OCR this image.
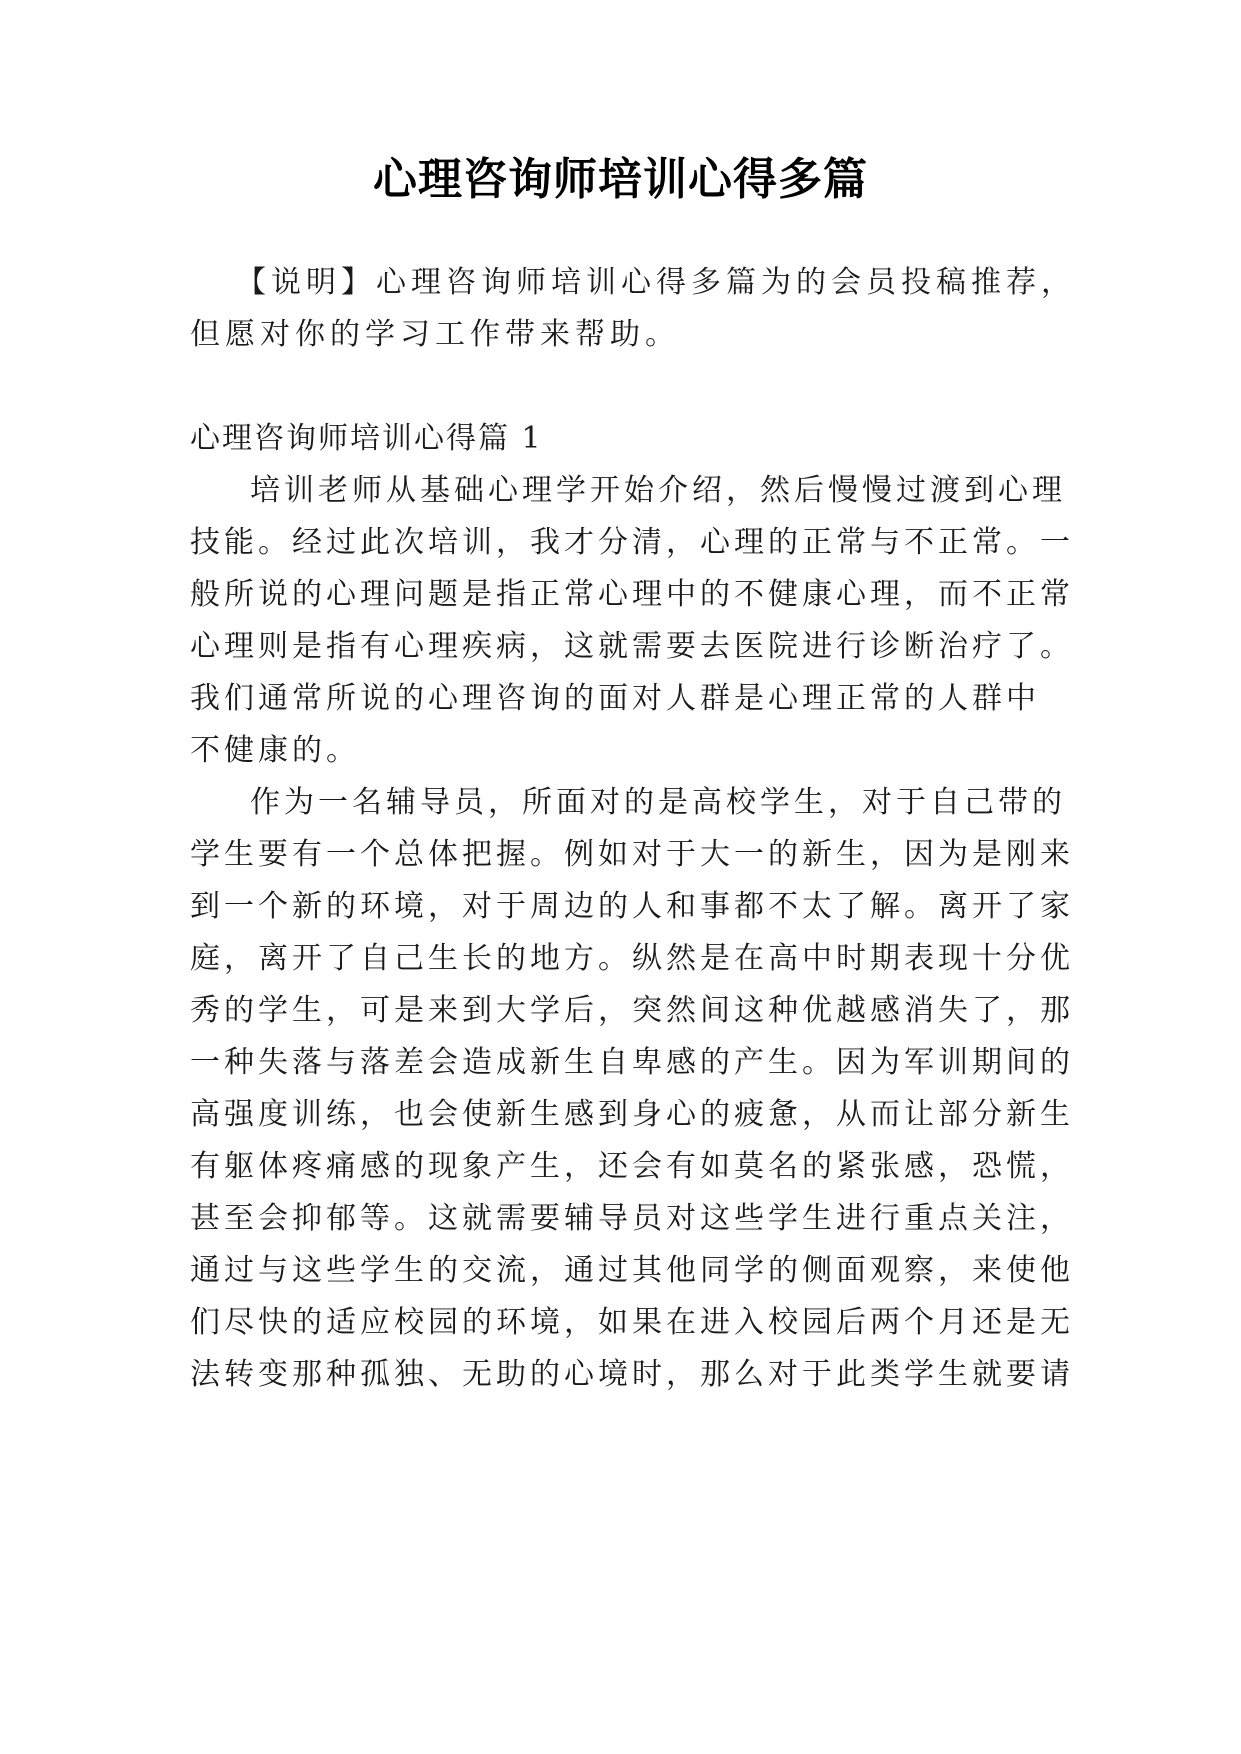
心理咨询师培训心得多篇
【说明】心理咨询师培训心得多篇为的会员投稿推荐，
但愿对你的学习工作带来帮助。
心理咨询师培训心得篇 1
培训老师从基础心理学开始介绍，然后慢慢过渡到心理
技能。经过此次培训，我才分清，心理的正常与不正常。一
般所说的心理问题是指正常心理中的不健康心理，而不正常
心理则是指有心理疾病，这就需要去医院进行诊断治疗了。
我们通常所说的心理咨询的面对人群是心理正常的人群中
不健康的。
作为一名辅导员，所面对的是高校学生，对于自己带的
学生要有一个总体把握。例如对于大一的新生，因为是刚来
到一个新的环境，对于周边的人和事都不太了解。离开了家
庭，离开了自己生长的地方。纵然是在高中时期表现十分优
秀的学生，可是来到大学后，突然间这种优越感消失了，那
一种失落与落差会造成新生自卑感的产生。因为军训期间的
高强度训练，也会使新生感到身心的疲惫，从而让部分新生
有躯体疼痛感的现象产生，还会有如莫名的紧张感，恐慌，
甚至会抑郁等。这就需要辅导员对这些学生进行重点关注，
通过与这些学生的交流，通过其他同学的侧面观察，来使他
们尽快的适应校园的环境，如果在进入校园后两个月还是无
法转变那种孤独、无助的心境时，那么对于此类学生就要请
